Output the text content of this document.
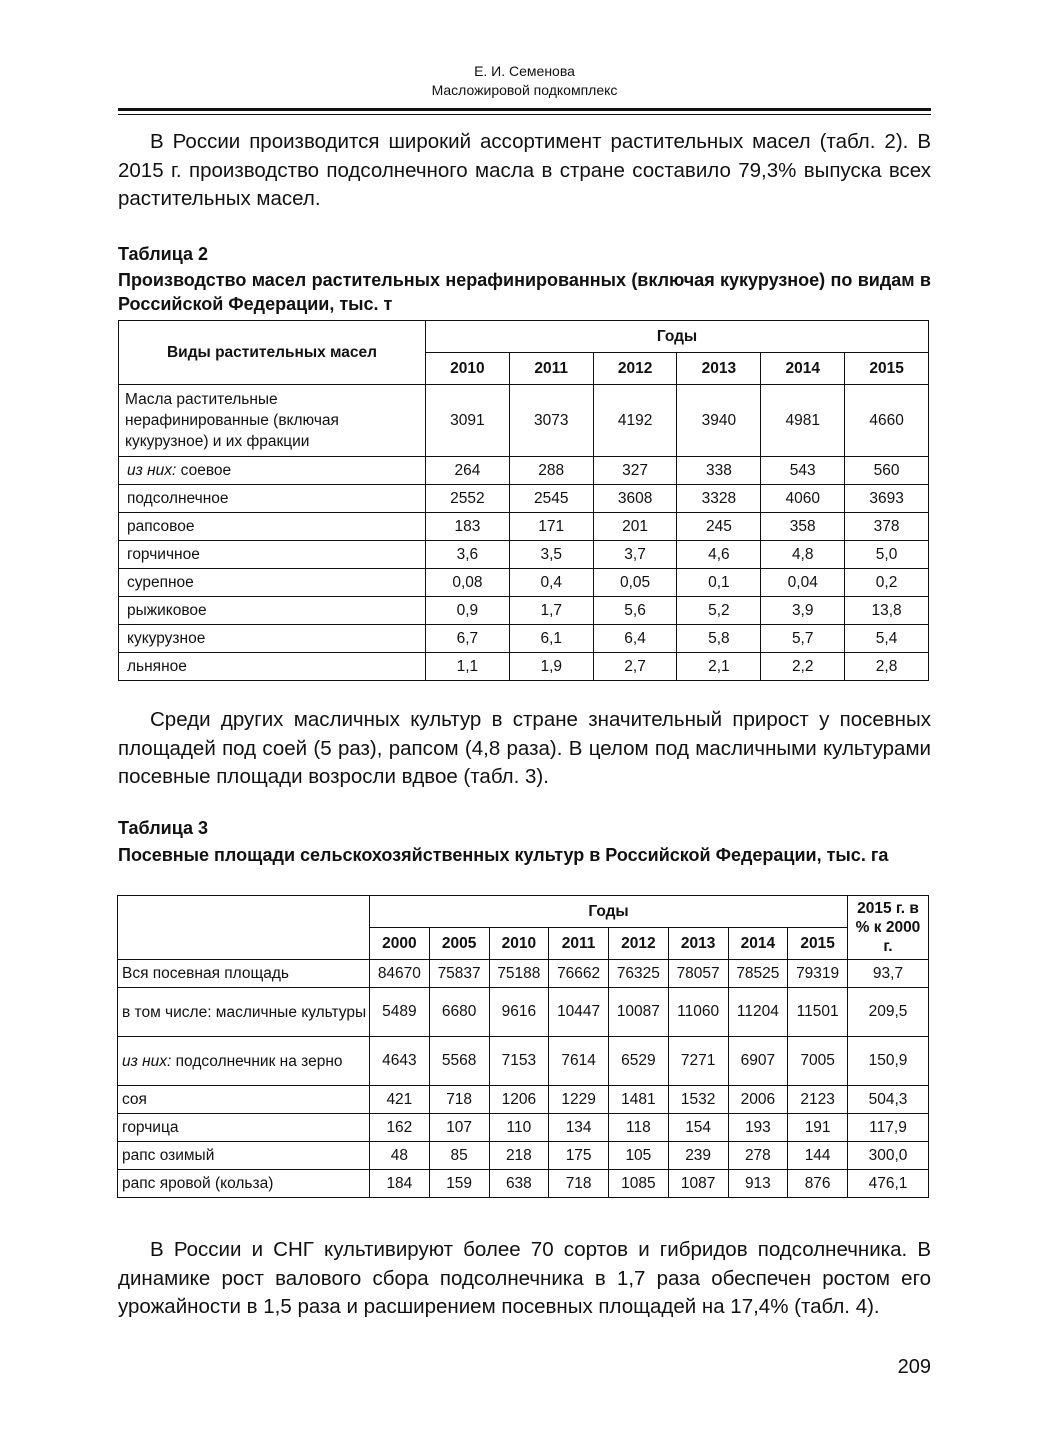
Е. И. Семенова
Масложировой подкомплекс

В России производится широкий ассортимент растительных масел (табл. 2). В 2015 г. производство подсолнечного масла в стране составило 79,3% выпуска всех растительных масел.

Таблица 2

Производство масел растительных нерафинированных (включая кукурузное) по видам в Российской Федерации, тыс. т

Виды растительных масел	Годы					
	2010	2011	2012	2013	2014	2015
Масла растительные нерафинированные (включая кукурузное) и их фракции	3091	3073	4192	3940	4981	4660
из них: соевое	264	288	327	338	543	560
подсолнечное	2552	2545	3608	3328	4060	3693
рапсовое	183	171	201	245	358	378
горчичное	3,6	3,5	3,7	4,6	4,8	5,0
сурепное	0,08	0,4	0,05	0,1	0,04	0,2
рыжиковое	0,9	1,7	5,6	5,2	3,9	13,8
кукурузное	6,7	6,1	6,4	5,8	5,7	5,4
льняное	1,1	1,9	2,7	2,1	2,2	2,8

Среди других масличных культур в стране значительный прирост у посевных площадей под соей (5 раз), рапсом (4,8 раза). В целом под масличными культурами посевные площади возросли вдвое (табл. 3).

Таблица 3

Посевные площади сельскохозяйственных культур в Российской Федерации, тыс. га

	Годы								2015 г. в % к 2000 г.
	2000	2005	2010	2011	2012	2013	2014	2015	
Вся посевная площадь	84670	75837	75188	76662	76325	78057	78525	79319	93,7
в том числе: масличные культуры	5489	6680	9616	10447	10087	11060	11204	11501	209,5
из них: подсолнечник на зерно	4643	5568	7153	7614	6529	7271	6907	7005	150,9
соя	421	718	1206	1229	1481	1532	2006	2123	504,3
горчица	162	107	110	134	118	154	193	191	117,9
рапс озимый	48	85	218	175	105	239	278	144	300,0
рапс яровой (кольза)	184	159	638	718	1085	1087	913	876	476,1

В России и СНГ культивируют более 70 сортов и гибридов подсолнечника. В динамике рост валового сбора подсолнечника в 1,7 раза обеспечен ростом его урожайности в 1,5 раза и расширением посевных площадей на 17,4% (табл. 4).

209
